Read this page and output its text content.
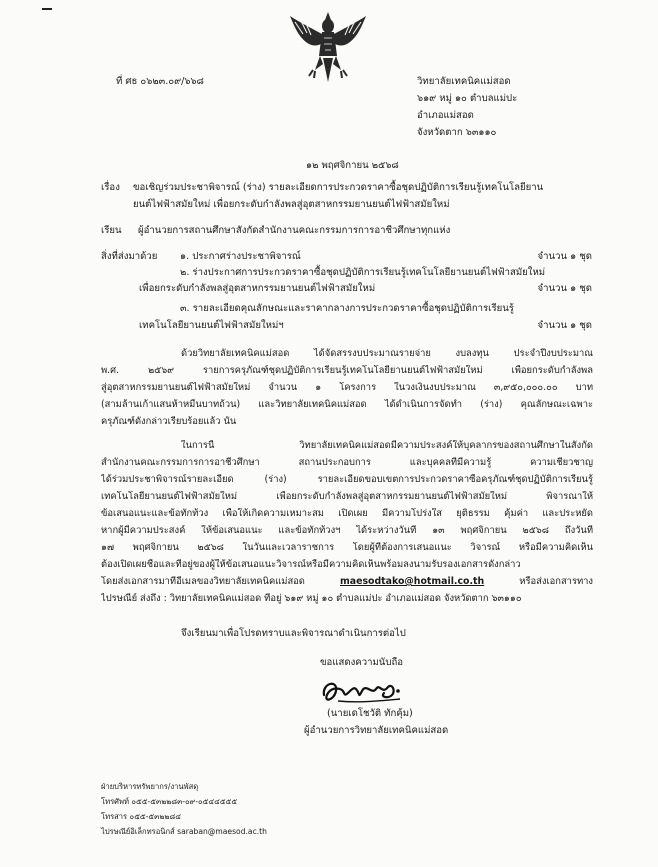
ที่ ศธ ๐๖๒๓.๐๙/๖๖๘	วิทยาลัยเทคนิคแม่สอด
๖๑๙ หมู่ ๑๐ ตำบลแม่ปะ
อำเภอแม่สอด
จังหวัดตาก ๖๓๑๑๐
๑๒ พฤศจิกายน ๒๕๖๘
เรื่อง ขอเชิญร่วมประชาพิจารณ์ (ร่าง) รายละเอียดการประกวดราคาซื้อชุดปฏิบัติการเรียนรู้เทคโนโลยียาน
ยนต์ไฟฟ้าสมัยใหม่ เพื่อยกระดับกำลังพลสู่อุตสาหกรรมยานยนต์ไฟฟ้าสมัยใหม่
เรียน ผู้อำนวยการสถานศึกษาสังกัดสำนักงานคณะกรรมการการอาชีวศึกษาทุกแห่ง
สิ่งที่ส่งมาด้วย ๑. ประกาศร่างประชาพิจารณ์	จำนวน ๑ ชุด
๒. ร่างประกาศการประกวดราคาซื้อชุดปฏิบัติการเรียนรู้เทคโนโลยียานยนต์ไฟฟ้าสมัยใหม่
เพื่อยกระดับกำลังพลสู่อุตสาหกรรมยานยนต์ไฟฟ้าสมัยใหม่	จำนวน ๑ ชุด
๓. รายละเอียดคุณลักษณะและราคากลางการประกวดราคาซื้อชุดปฏิบัติการเรียนรู้
เทคโนโลยียานยนต์ไฟฟ้าสมัยใหม่ฯ	จำนวน ๑ ชุด
ด้วยวิทยาลัยเทคนิคแม่สอด ได้จัดสรรงบประมาณรายจ่าย งบลงทุน ประจำปีงบประมาณ
พ.ศ. ๒๕๖๙ รายการครุภัณฑ์ชุดปฏิบัติการเรียนรู้เทคโนโลยียานยนต์ไฟฟ้าสมัยใหม่ เพื่อยกระดับกำลังพล
สู่อุตสาหกรรมยานยนต์ไฟฟ้าสมัยใหม่ จำนวน ๑ โครงการ ในวงเงินงบประมาณ ๓,๙๕๐,๐๐๐.๐๐ บาท
(สามล้านเก้าแสนห้าหมื่นบาทถ้วน) และวิทยาลัยเทคนิคแม่สอด ได้ดำเนินการจัดทำ (ร่าง) คุณลักษณะเฉพาะ
ครุภัณฑ์ดังกล่าวเรียบร้อยแล้ว นั้น
ในการนี้ วิทยาลัยเทคนิคแม่สอดมีความประสงค์ให้บุคลากรของสถานศึกษาในสังกัด
สำนักงานคณะกรรมการการอาชีวศึกษา สถานประกอบการ และบุคคลที่มีความรู้ ความเชี่ยวชาญ
ได้ร่วมประชาพิจารณ์รายละเอียด (ร่าง) รายละเอียดขอบเขตการประกวดราคาซื้อครุภัณฑ์ชุดปฏิบัติการเรียนรู้
เทคโนโลยียานยนต์ไฟฟ้าสมัยใหม่ เพื่อยกระดับกำลังพลสู่อุตสาหกรรมยานยนต์ไฟฟ้าสมัยใหม่ พิจารณาให้
ข้อเสนอแนะและข้อทักท้วง เพื่อให้เกิดความเหมาะสม เปิดเผย มีความโปร่งใส ยุติธรรม คุ้มค่า และประหยัด
หากผู้มีความประสงค์ ให้ข้อเสนอแนะ และข้อทักท้วงฯ ได้ระหว่างวันที่ ๑๓ พฤศจิกายน ๒๕๖๘ ถึงวันที่
๑๗ พฤศจิกายน ๒๕๖๘ ในวันและเวลาราชการ โดยผู้ที่ต้องการเสนอแนะ วิจารณ์ หรือมีความคิดเห็น
ต้องเปิดเผยชื่อและที่อยู่ของผู้ให้ข้อเสนอแนะวิจารณ์หรือมีความคิดเห็นพร้อมลงนามรับรองเอกสารดังกล่าว
โดยส่งเอกสารมาที่อีเมลของวิทยาลัยเทคนิคแม่สอด	maesodtako@hotmail.co.th	หรือส่งเอกสารทาง
ไปรษณีย์ ส่งถึง : วิทยาลัยเทคนิคแม่สอด ที่อยู่ ๖๑๙ หมู่ ๑๐ ตำบลแม่ปะ อำเภอแม่สอด จังหวัดตาก ๖๓๑๑๐
จึงเรียนมาเพื่อโปรดทราบและพิจารณาดำเนินการต่อไป
ขอแสดงความนับถือ
(นายเดโชวัติ ทักคุ้ม)
ผู้อำนวยการวิทยาลัยเทคนิคแม่สอด
ฝ่ายบริหารทรัพยากร/งานพัสดุ
โทรศัพท์ ๐๕๕-๕๓๒๒๘๓-๐๙-๐๕๔๔๕๕๕
โทรสาร ๐๕๕-๕๓๒๒๘๔
ไปรษณีย์อิเล็กทรอนิกส์ saraban@maesod.ac.th
